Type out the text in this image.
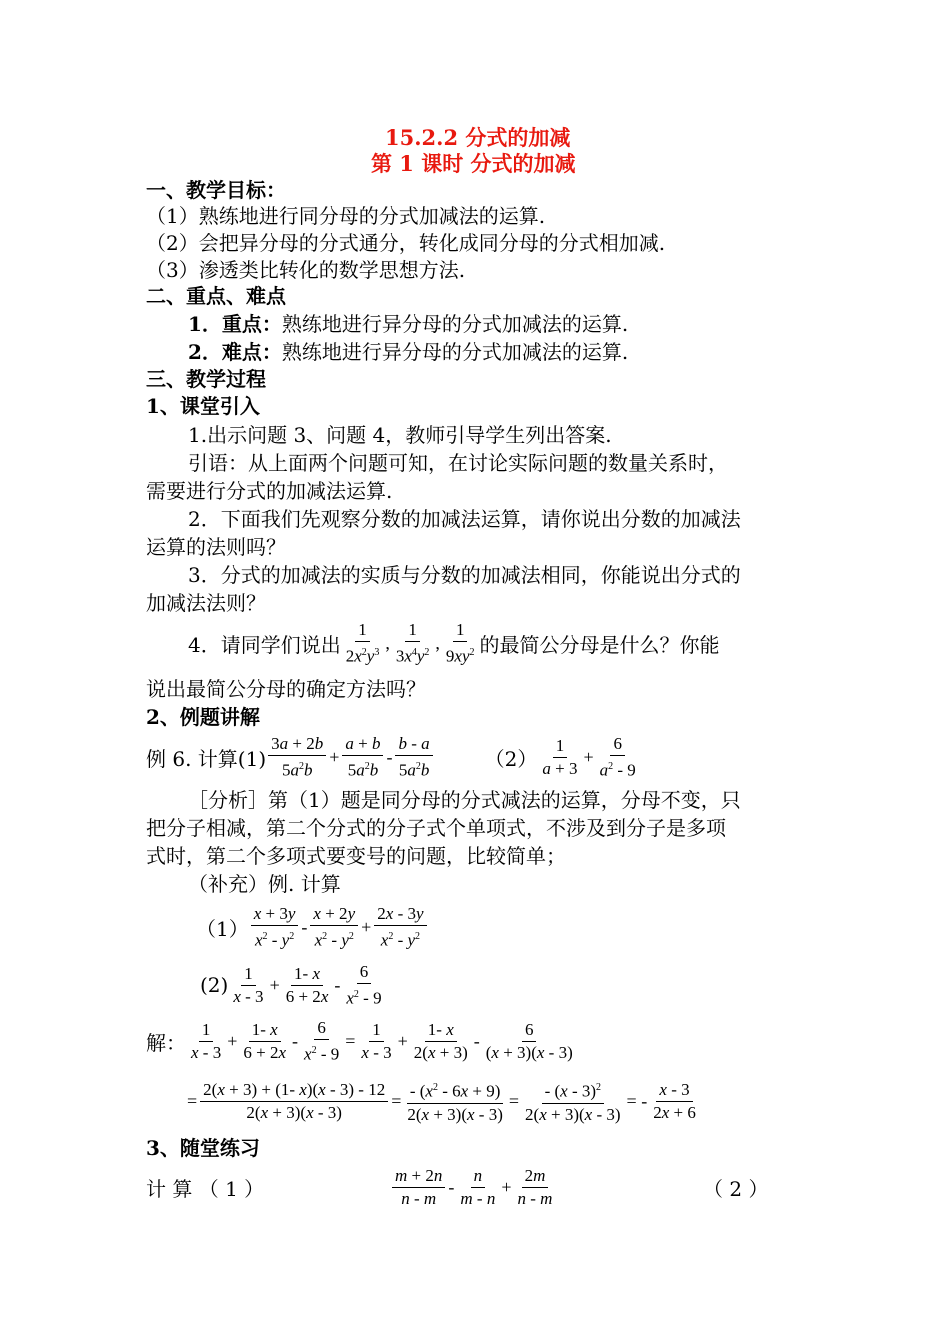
15.2.2 分式的加减
第 1 课时 分式的加减
一、教学目标：
（1）熟练地进行同分母的分式加减法的运算.
（2）会把异分母的分式通分，转化成同分母的分式相加减.
（3）渗透类比转化的数学思想方法.
二、重点、难点
1．重点：熟练地进行异分母的分式加减法的运算.
2．难点：熟练地进行异分母的分式加减法的运算.
三、教学过程
1、课堂引入
1.出示问题 3、问题 4，教师引导学生列出答案.
引语：从上面两个问题可知，在讨论实际问题的数量关系时，
需要进行分式的加减法运算.
2．下面我们先观察分数的加减法运算，请你说出分数的加减法
运算的法则吗？
3．分式的加减法的实质与分数的加减法相同，你能说出分式的
加减法法则？
4．请同学们说出 $\frac{1}{2x^2y^3}$ , $\frac{1}{3x^4y^2}$ , $\frac{1}{9xy^2}$ 的最简公分母是什么？你能
说出最简公分母的确定方法吗？
2、例题讲解
例 6. 计算$(1) \frac{3a + 2b}{5a^2b} + \frac{a + b}{5a^2b} - \frac{b - a}{5a^2b}$	$(2) \frac{1}{a + 3} + \frac{6}{a^2 - 9}$
［分析］第（1）题是同分母的分式减法的运算，分母不变，只
把分子相减，第二个分式的分子式个单项式，不涉及到分子是多项
式时，第二个多项式要变号的问题，比较简单；
（补充）例. 计算
$(1) \frac{x + 3y}{x^2 - y^2} - \frac{x + 2y}{x^2 - y^2} + \frac{2x - 3y}{x^2 - y^2}$
$(2) \frac{1}{x - 3} + \frac{1- x}{6 + 2x} - \frac{6}{x^2 - 9}$
解： $\frac{1}{x - 3} + \frac{1- x}{6 + 2x} - \frac{6}{x^2 - 9} = \frac{1}{x - 3} + \frac{1- x}{2(x + 3)} - \frac{6}{(x + 3)(x - 3)}$
= $\frac{2(x + 3) + (1- x)(x - 3) - 12}{2(x + 3)(x - 3)} = \frac{- (x^2 - 6x + 9)}{2(x + 3)(x - 3)} = \frac{- (x - 3)^2}{2(x + 3)(x - 3)}$ = - $\frac{x - 3}{2x + 6}$
3、随堂练习
计 算 （ 1 ）	$\frac{m + 2n}{n - m} - \frac{n}{m - n} + \frac{2m}{n - m}$	（ 2 ）
